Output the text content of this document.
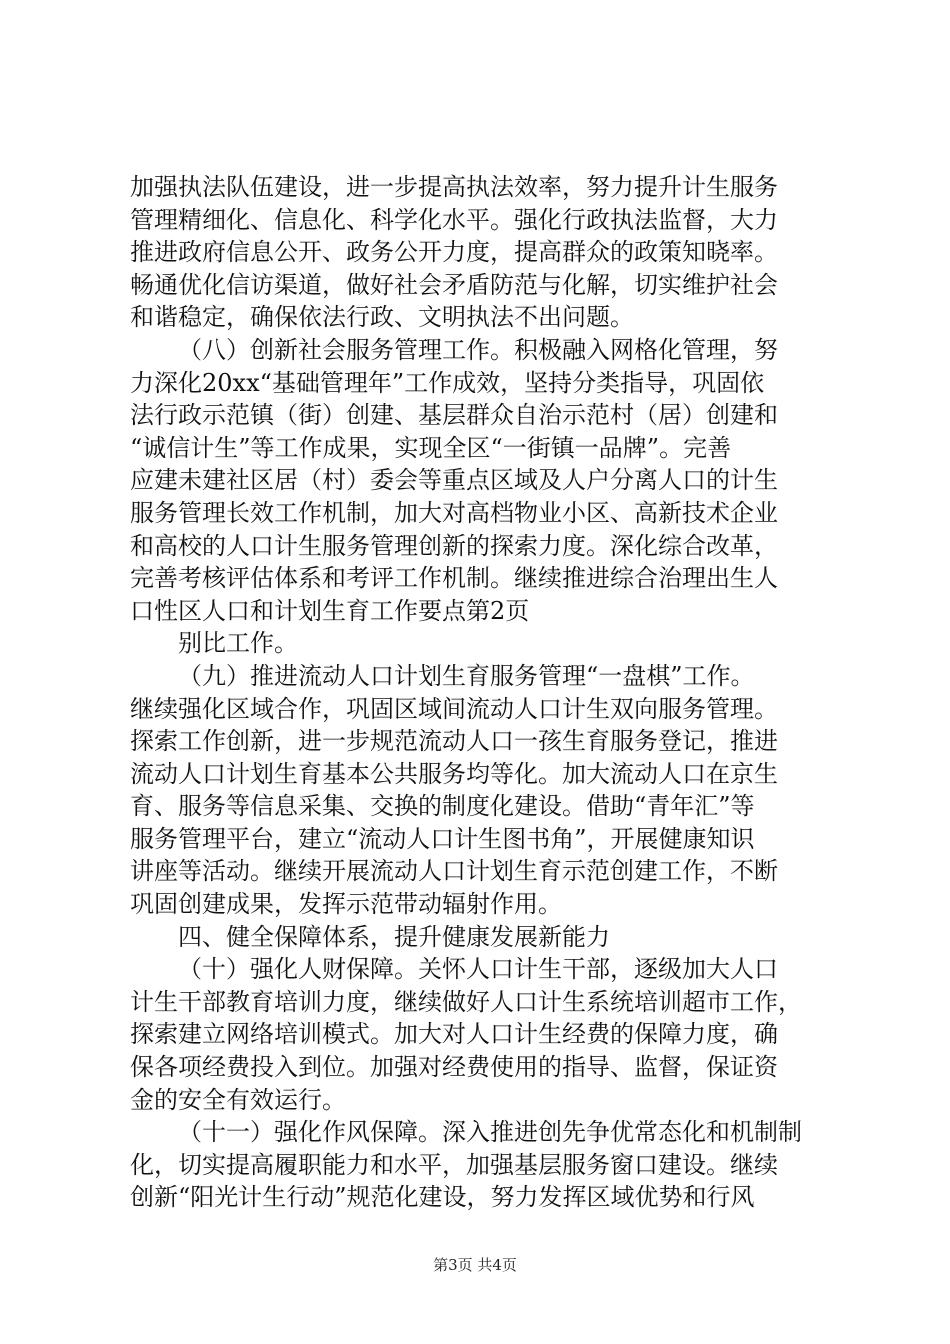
加强执法队伍建设，进一步提高执法效率，努力提升计生服务
管理精细化、信息化、科学化水平。强化行政执法监督，大力
推进政府信息公开、政务公开力度，提高群众的政策知晓率。
畅通优化信访渠道，做好社会矛盾防范与化解，切实维护社会
和谐稳定，确保依法行政、文明执法不出问题。
（八）创新社会服务管理工作。积极融入网格化管理，努
力深化20xx“基础管理年”工作成效，坚持分类指导，巩固依
法行政示范镇（街）创建、基层群众自治示范村（居）创建和
“诚信计生”等工作成果，实现全区“一街镇一品牌”。完善
应建未建社区居（村）委会等重点区域及人户分离人口的计生
服务管理长效工作机制，加大对高档物业小区、高新技术企业
和高校的人口计生服务管理创新的探索力度。深化综合改革，
完善考核评估体系和考评工作机制。继续推进综合治理出生人
口性区人口和计划生育工作要点第2页
别比工作。
（九）推进流动人口计划生育服务管理“一盘棋”工作。
继续强化区域合作，巩固区域间流动人口计生双向服务管理。
探索工作创新，进一步规范流动人口一孩生育服务登记，推进
流动人口计划生育基本公共服务均等化。加大流动人口在京生
育、服务等信息采集、交换的制度化建设。借助“青年汇”等
服务管理平台，建立“流动人口计生图书角”，开展健康知识
讲座等活动。继续开展流动人口计划生育示范创建工作，不断
巩固创建成果，发挥示范带动辐射作用。
四、健全保障体系，提升健康发展新能力
（十）强化人财保障。关怀人口计生干部，逐级加大人口
计生干部教育培训力度，继续做好人口计生系统培训超市工作，
探索建立网络培训模式。加大对人口计生经费的保障力度，确
保各项经费投入到位。加强对经费使用的指导、监督，保证资
金的安全有效运行。
（十一）强化作风保障。深入推进创先争优常态化和机制制
化，切实提高履职能力和水平，加强基层服务窗口建设。继续
创新“阳光计生行动”规范化建设，努力发挥区域优势和行风
第3页 共4页
